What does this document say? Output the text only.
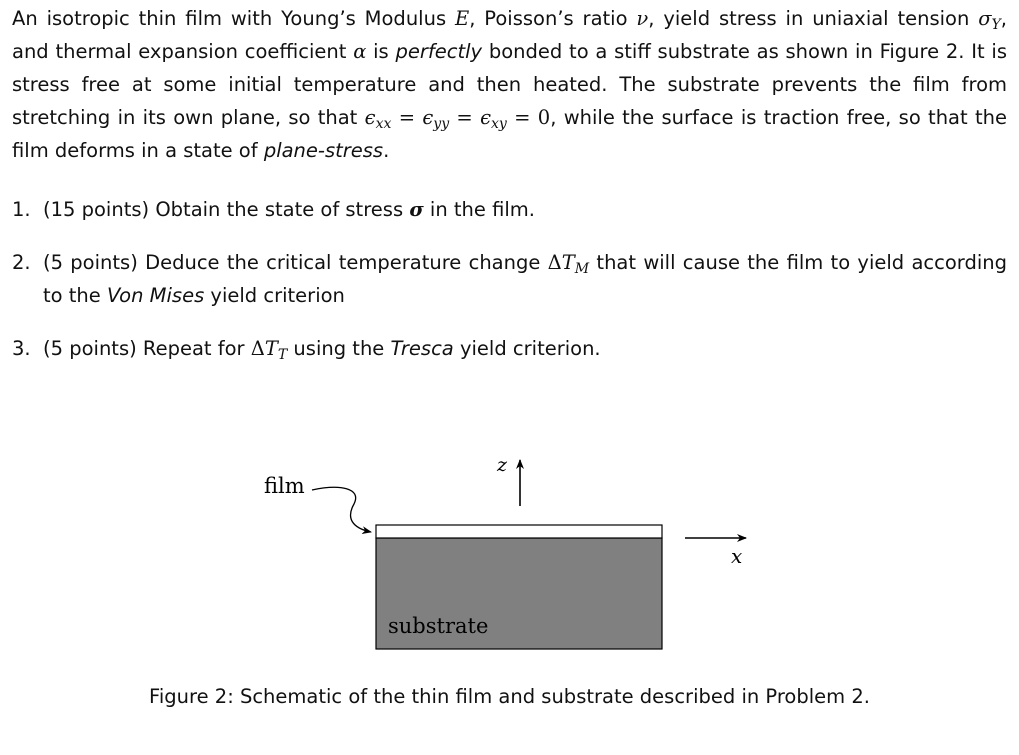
An isotropic thin film with Young’s Modulus E, Poisson’s ratio ν, yield stress in uniaxial tension $\sigma_Y$, and thermal expansion coefficient α is perfectly bonded to a stiff substrate as shown in Figure 2. It is stress free at some initial temperature and then heated. The substrate prevents the film from stretching in its own plane, so that $\epsilon_{xx} = \epsilon_{yy} = \epsilon_{xy} = 0$, while the surface is traction free, so that the film deforms in a state of plane-stress.

1. (15 points) Obtain the state of stress σ in the film.
2. (5 points) Deduce the critical temperature change $\Delta T_M$ that will cause the film to yield according to the Von Mises yield criterion
3. (5 points) Repeat for $\Delta T_T$ using the Tresca yield criterion.
film
substrate
z
x
Figure 2: Schematic of the thin film and substrate described in Problem 2.
